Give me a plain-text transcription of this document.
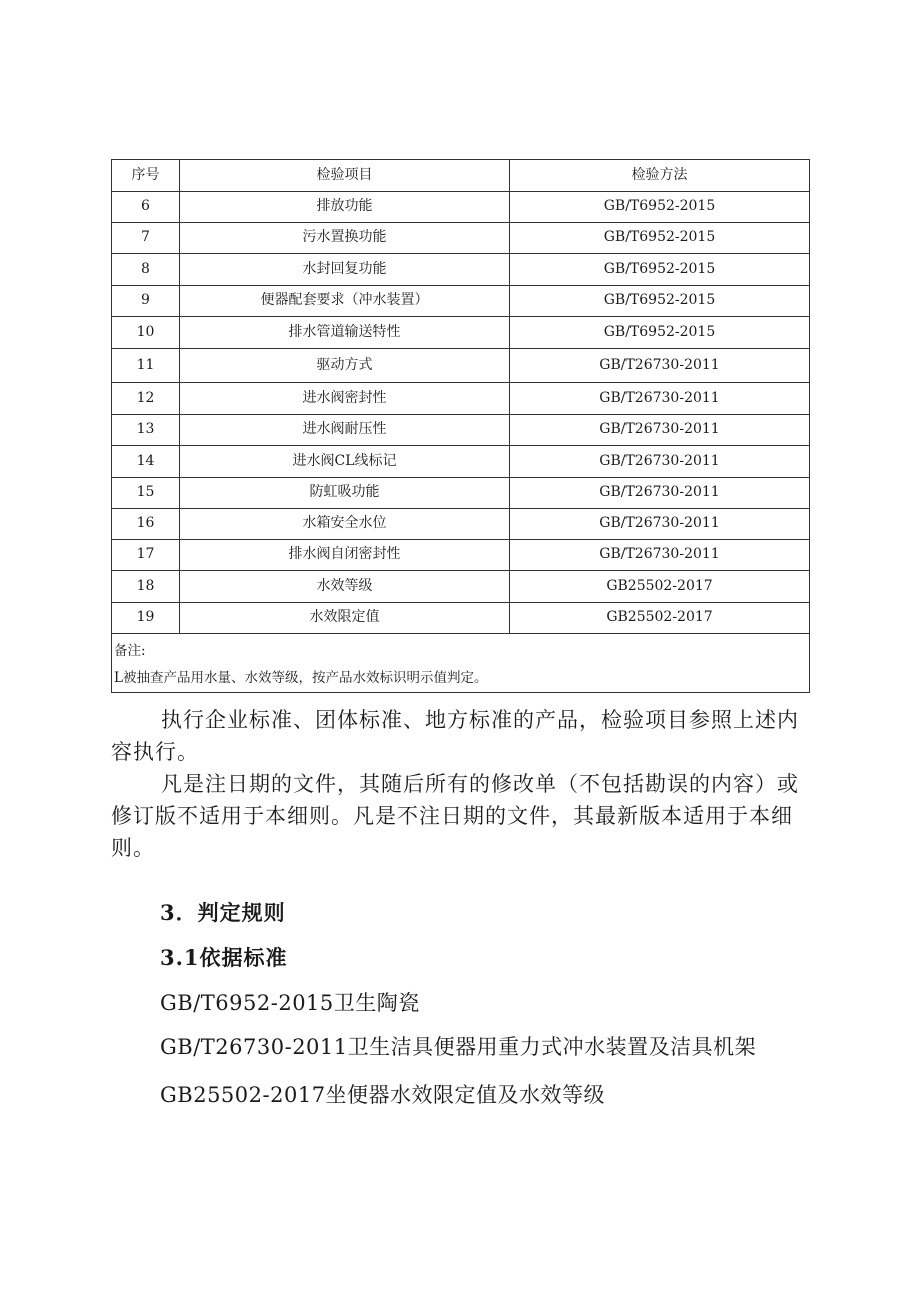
序号	检验项目	检验方法
6	排放功能	GB/T6952-2015
7	污水置换功能	GB/T6952-2015
8	水封回复功能	GB/T6952-2015
9	便器配套要求（冲水装置）	GB/T6952-2015
10	排水管道输送特性	GB/T6952-2015
11	驱动方式	GB/T26730-2011
12	进水阀密封性	GB/T26730-2011
13	进水阀耐压性	GB/T26730-2011
14	进水阀CL线标记	GB/T26730-2011
15	防虹吸功能	GB/T26730-2011
16	水箱安全水位	GB/T26730-2011
17	排水阀自闭密封性	GB/T26730-2011
18	水效等级	GB25502-2017
19	水效限定值	GB25502-2017

备注:
L被抽查产品用水量、水效等级，按产品水效标识明示值判定。		
执行企业标准、团体标准、地方标准的产品，检验项目参照上述内容执行。
凡是注日期的文件，其随后所有的修改单（不包括勘误的内容）或修订版不适用于本细则。凡是不注日期的文件，其最新版本适用于本细则。
3．判定规则
3.1依据标准
GB/T6952-2015卫生陶瓷
GB/T26730-2011卫生洁具便器用重力式冲水装置及洁具机架
GB25502-2017坐便器水效限定值及水效等级
